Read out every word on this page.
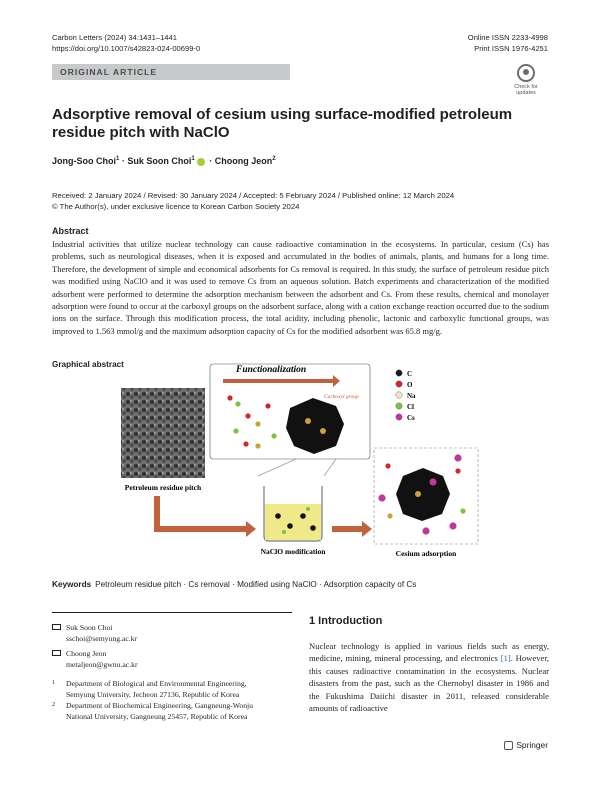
Carbon Letters (2024) 34:1431–1441
https://doi.org/10.1007/s42823-024-00699-0
Online ISSN 2233-4998
Print ISSN 1976-4251
ORIGINAL ARTICLE
Check for
updates
Adsorptive removal of cesium using surface-modified petroleum residue pitch with NaClO
Jong-Soo Choi$^1$ · Suk Soon Choi$^1$ · Choong Jeon$^2$
Received: 2 January 2024 / Revised: 30 January 2024 / Accepted: 5 February 2024 / Published online: 12 March 2024
© The Author(s), under exclusive licence to Korean Carbon Society 2024
Abstract
Industrial activities that utilize nuclear technology can cause radioactive contamination in the ecosystems. In particular, cesium (Cs) has problems, such as neurological diseases, when it is exposed and accumulated in the bodies of animals, plants, and humans for a long time. Therefore, the development of simple and economical adsorbents for Cs removal is required. In this study, the surface of petroleum residue pitch was modified using NaClO and it was used to remove Cs from an aqueous solution. Batch experiments and characterization of the modified adsorbent were performed to determine the adsorption mechanism between the adsorbent and Cs. From these results, chemical and monolayer adsorption were found to occur at the carboxyl groups on the adsorbent surface, along with a cation exchange reaction occurred due to the sodium ions on the surface. Through this modification process, the total acidity, including phenolic, lactonic and carboxylic functional groups, was improved to 1.563 mmol/g and the maximum adsorption capacity of Cs for the modified adsorbent was 65.8 mg/g.
Graphical abstract
Petroleum residue pitch
Functionalization
Carboxyl group
NaClO modification	Cesium adsorption
C
O
Na
Cl
Cs
Keywords Petroleum residue pitch · Cs removal · Modified using NaClO · Adsorption capacity of Cs
Suk Soon Choi
sschoi@semyung.ac.kr
Choong Jeon
metaljeon@gwnu.ac.kr
1 Department of Biological and Environmental Engineering,
Semyung University, Jecheon 27136, Republic of Korea
2 Department of Biochemical Engineering, Gangneung-Wonju
National University, Gangneung 25457, Republic of Korea
1 Introduction
Nuclear technology is applied in various fields such as energy, medicine, mining, mineral processing, and electronics [1]. However, this causes radioactive contamination in the ecosystems. Nuclear disasters from the past, such as the Chernobyl disaster in 1986 and the Fukushima Daiichi disaster in 2011, released considerable amounts of radioactive
Springer
